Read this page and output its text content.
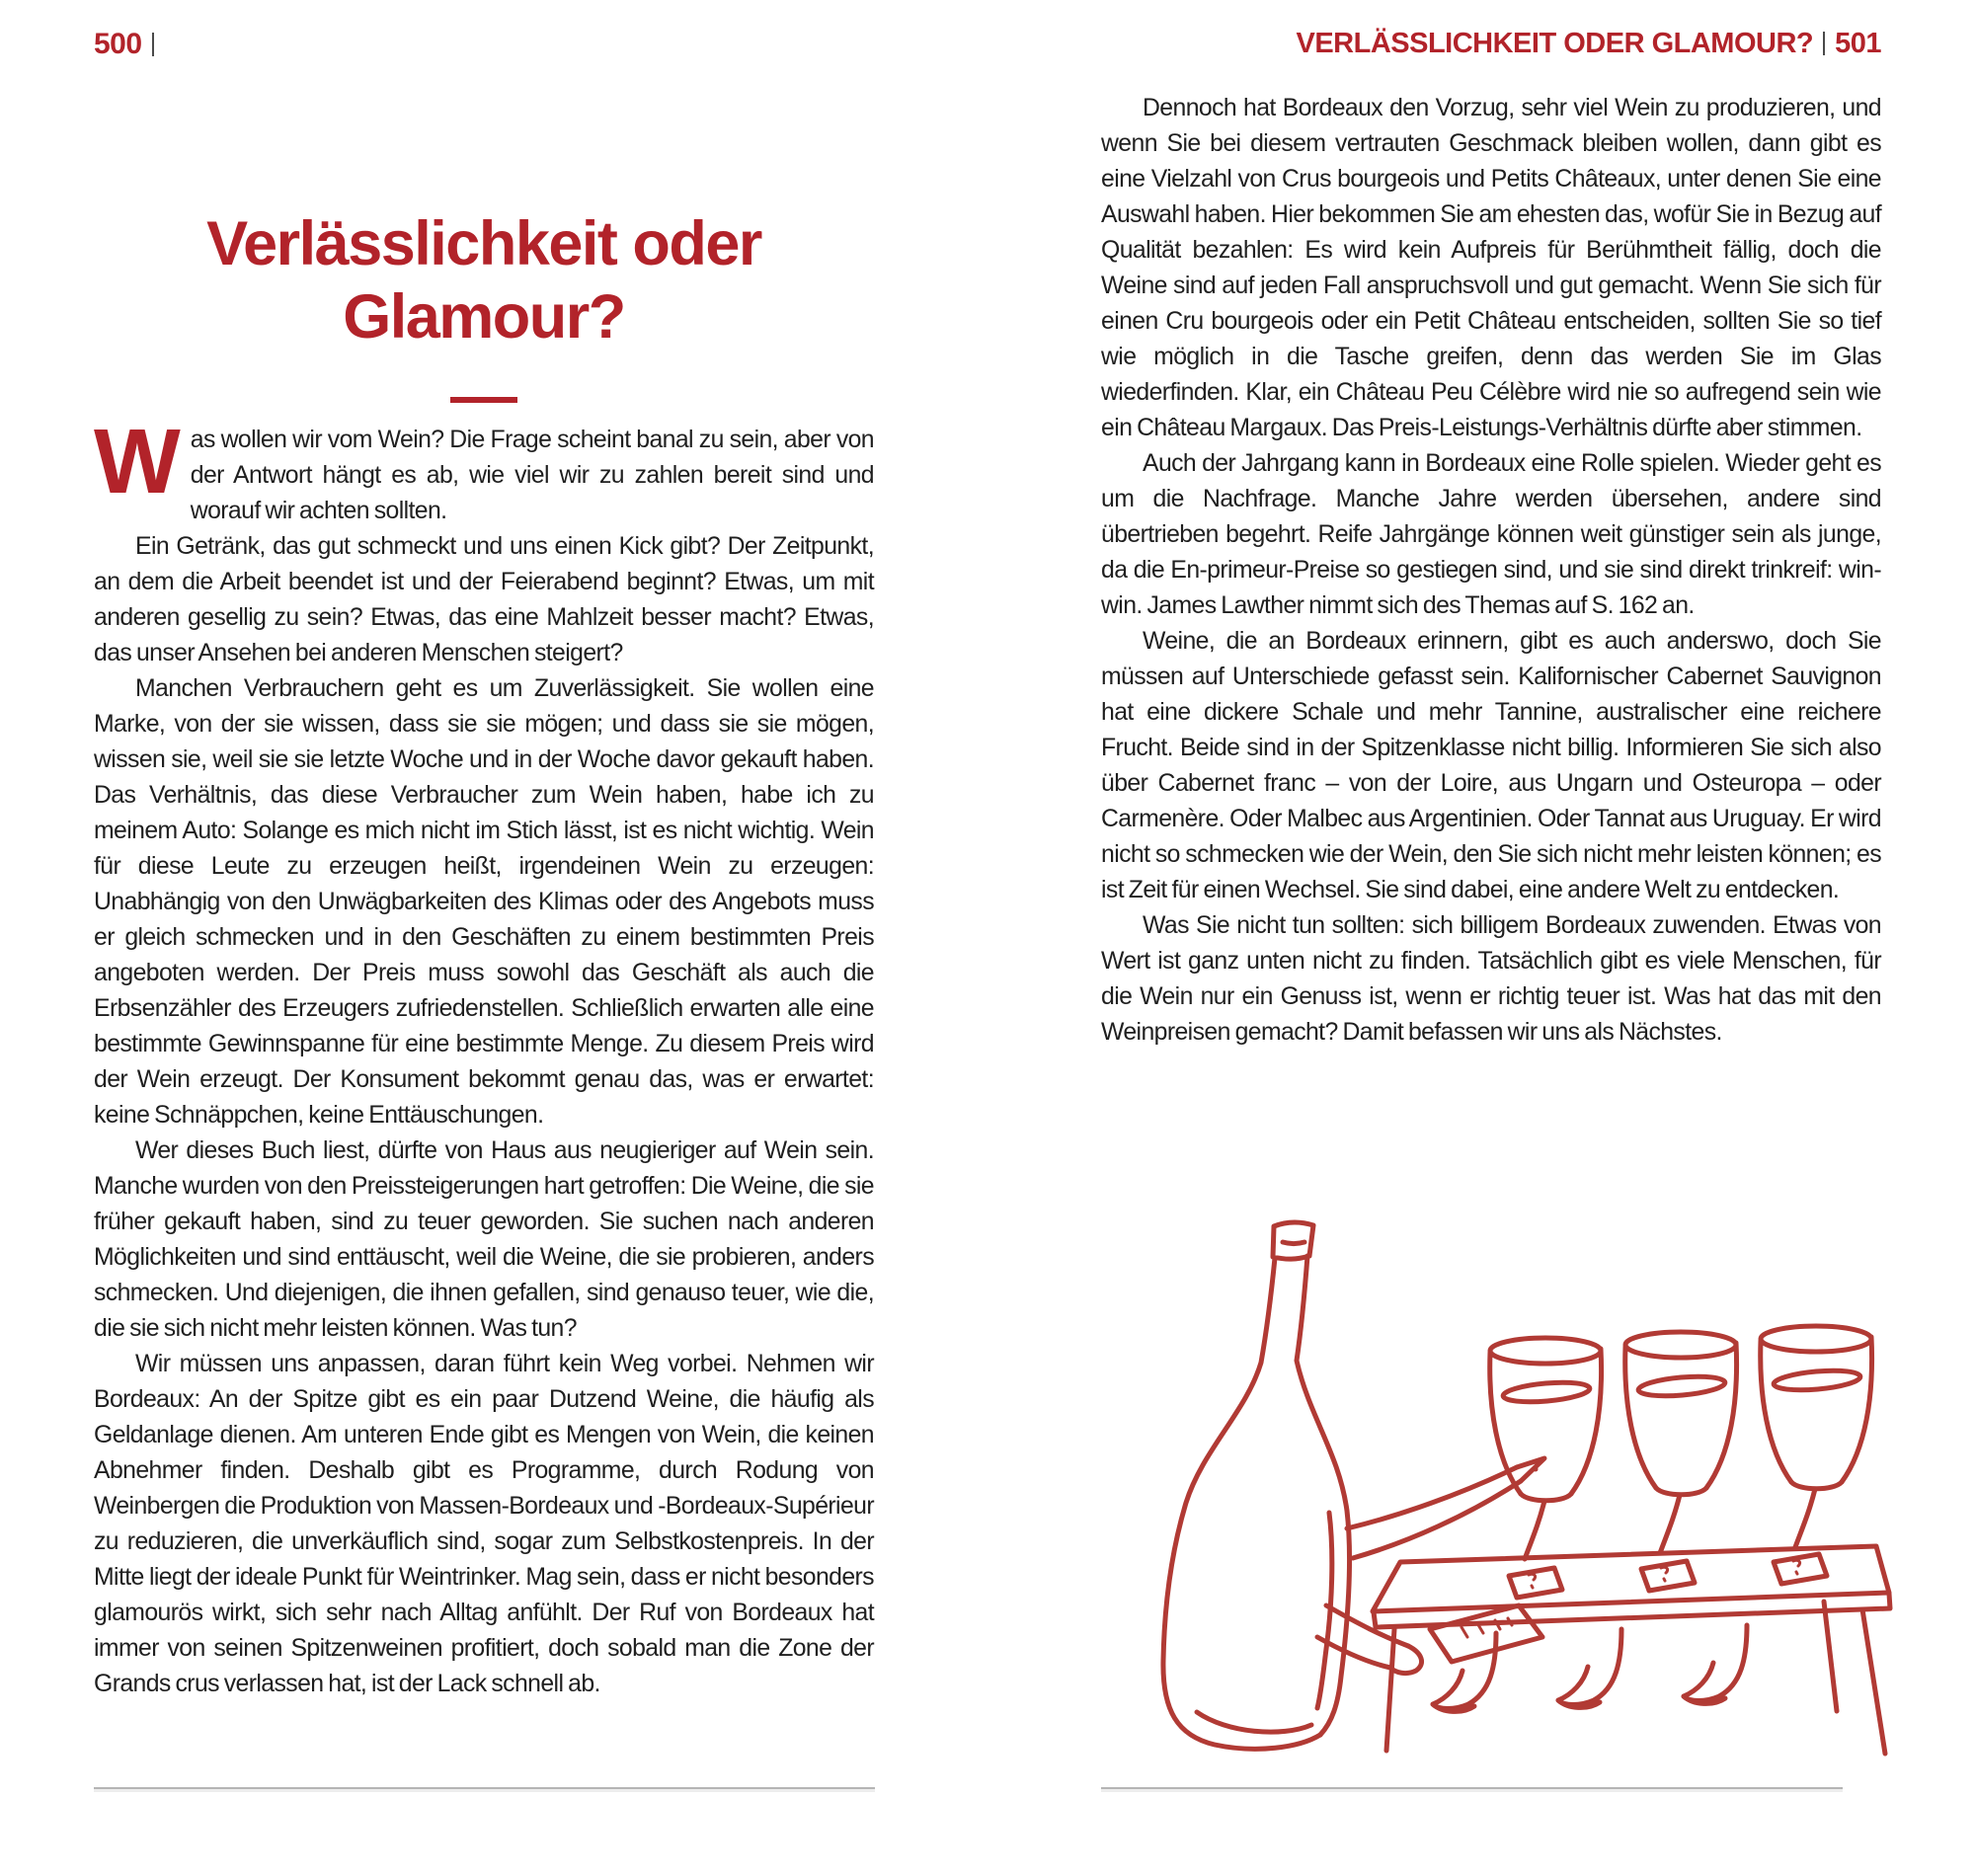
500	VERLÄSSLICHKEIT ODER GLAMOUR? 501
Verlässlichkeit oder
Glamour?

Was wollen wir vom Wein? Die Frage scheint banal zu sein, aber von der Antwort hängt es ab, wie viel wir zu zahlen bereit sind und worauf wir achten sollten.

Ein Getränk, das gut schmeckt und uns einen Kick gibt? Der Zeitpunkt, an dem die Arbeit beendet ist und der Feierabend beginnt? Etwas, um mit anderen gesellig zu sein? Etwas, das eine Mahlzeit besser macht? Etwas, das unser Ansehen bei anderen Menschen steigert?

Manchen Verbrauchern geht es um Zuverlässigkeit. Sie wollen eine Marke, von der sie wissen, dass sie sie mögen; und dass sie sie mögen, wissen sie, weil sie sie letzte Woche und in der Woche davor gekauft haben. Das Verhältnis, das diese Verbraucher zum Wein haben, habe ich zu meinem Auto: Solange es mich nicht im Stich lässt, ist es nicht wichtig. Wein für diese Leute zu erzeugen heißt, irgendeinen Wein zu erzeugen: Unabhängig von den Unwägbarkeiten des Klimas oder des Angebots muss er gleich schmecken und in den Geschäften zu einem bestimmten Preis angeboten werden. Der Preis muss sowohl das Geschäft als auch die Erbsenzähler des Erzeugers zufriedenstellen. Schließlich erwarten alle eine bestimmte Gewinnspanne für eine bestimmte Menge. Zu diesem Preis wird der Wein erzeugt. Der Konsument bekommt genau das, was er erwartet: keine Schnäppchen, keine Enttäuschungen.

Wer dieses Buch liest, dürfte von Haus aus neugieriger auf Wein sein. Manche wurden von den Preissteigerungen hart getroffen: Die Weine, die sie früher gekauft haben, sind zu teuer geworden. Sie suchen nach anderen Möglichkeiten und sind enttäuscht, weil die Weine, die sie probieren, anders schmecken. Und diejenigen, die ihnen gefallen, sind genauso teuer, wie die, die sie sich nicht mehr leisten können. Was tun?

Wir müssen uns anpassen, daran führt kein Weg vorbei. Nehmen wir Bordeaux: An der Spitze gibt es ein paar Dutzend Weine, die häufig als Geldanlage dienen. Am unteren Ende gibt es Mengen von Wein, die keinen Abnehmer finden. Deshalb gibt es Programme, durch Rodung von Weinbergen die Produktion von Massen-Bordeaux und -Bordeaux-Supérieur zu reduzieren, die unverkäuflich sind, sogar zum Selbstkostenpreis. In der Mitte liegt der ideale Punkt für Weintrinker. Mag sein, dass er nicht besonders glamourös wirkt, sich sehr nach Alltag anfühlt. Der Ruf von Bordeaux hat immer von seinen Spitzenweinen profitiert, doch sobald man die Zone der Grands crus verlassen hat, ist der Lack schnell ab.

Dennoch hat Bordeaux den Vorzug, sehr viel Wein zu produzieren, und wenn Sie bei diesem vertrauten Geschmack bleiben wollen, dann gibt es eine Vielzahl von Crus bourgeois und Petits Châteaux, unter denen Sie eine Auswahl haben. Hier bekommen Sie am ehesten das, wofür Sie in Bezug auf Qualität bezahlen: Es wird kein Aufpreis für Berühmtheit fällig, doch die Weine sind auf jeden Fall anspruchsvoll und gut gemacht. Wenn Sie sich für einen Cru bourgeois oder ein Petit Château entscheiden, sollten Sie so tief wie möglich in die Tasche greifen, denn das werden Sie im Glas wiederfinden. Klar, ein Château Peu Célèbre wird nie so aufregend sein wie ein Château Margaux. Das Preis-Leistungs-Verhältnis dürfte aber stimmen.

Auch der Jahrgang kann in Bordeaux eine Rolle spielen. Wieder geht es um die Nachfrage. Manche Jahre werden übersehen, andere sind übertrieben begehrt. Reife Jahrgänge können weit günstiger sein als junge, da die En-primeur-Preise so gestiegen sind, und sie sind direkt trinkreif: win-win. James Lawther nimmt sich des Themas auf S. 162 an.

Weine, die an Bordeaux erinnern, gibt es auch anderswo, doch Sie müssen auf Unterschiede gefasst sein. Kalifornischer Cabernet Sauvignon hat eine dickere Schale und mehr Tannine, australischer eine reichere Frucht. Beide sind in der Spitzenklasse nicht billig. Informieren Sie sich also über Cabernet franc – von der Loire, aus Ungarn und Osteuropa – oder Carmenère. Oder Malbec aus Argentinien. Oder Tannat aus Uruguay. Er wird nicht so schmecken wie der Wein, den Sie sich nicht mehr leisten können; es ist Zeit für einen Wechsel. Sie sind dabei, eine andere Welt zu entdecken.

Was Sie nicht tun sollten: sich billigem Bordeaux zuwenden. Etwas von Wert ist ganz unten nicht zu finden. Tatsächlich gibt es viele Menschen, für die Wein nur ein Genuss ist, wenn er richtig teuer ist. Was hat das mit den Weinpreisen gemacht? Damit befassen wir uns als Nächstes.
